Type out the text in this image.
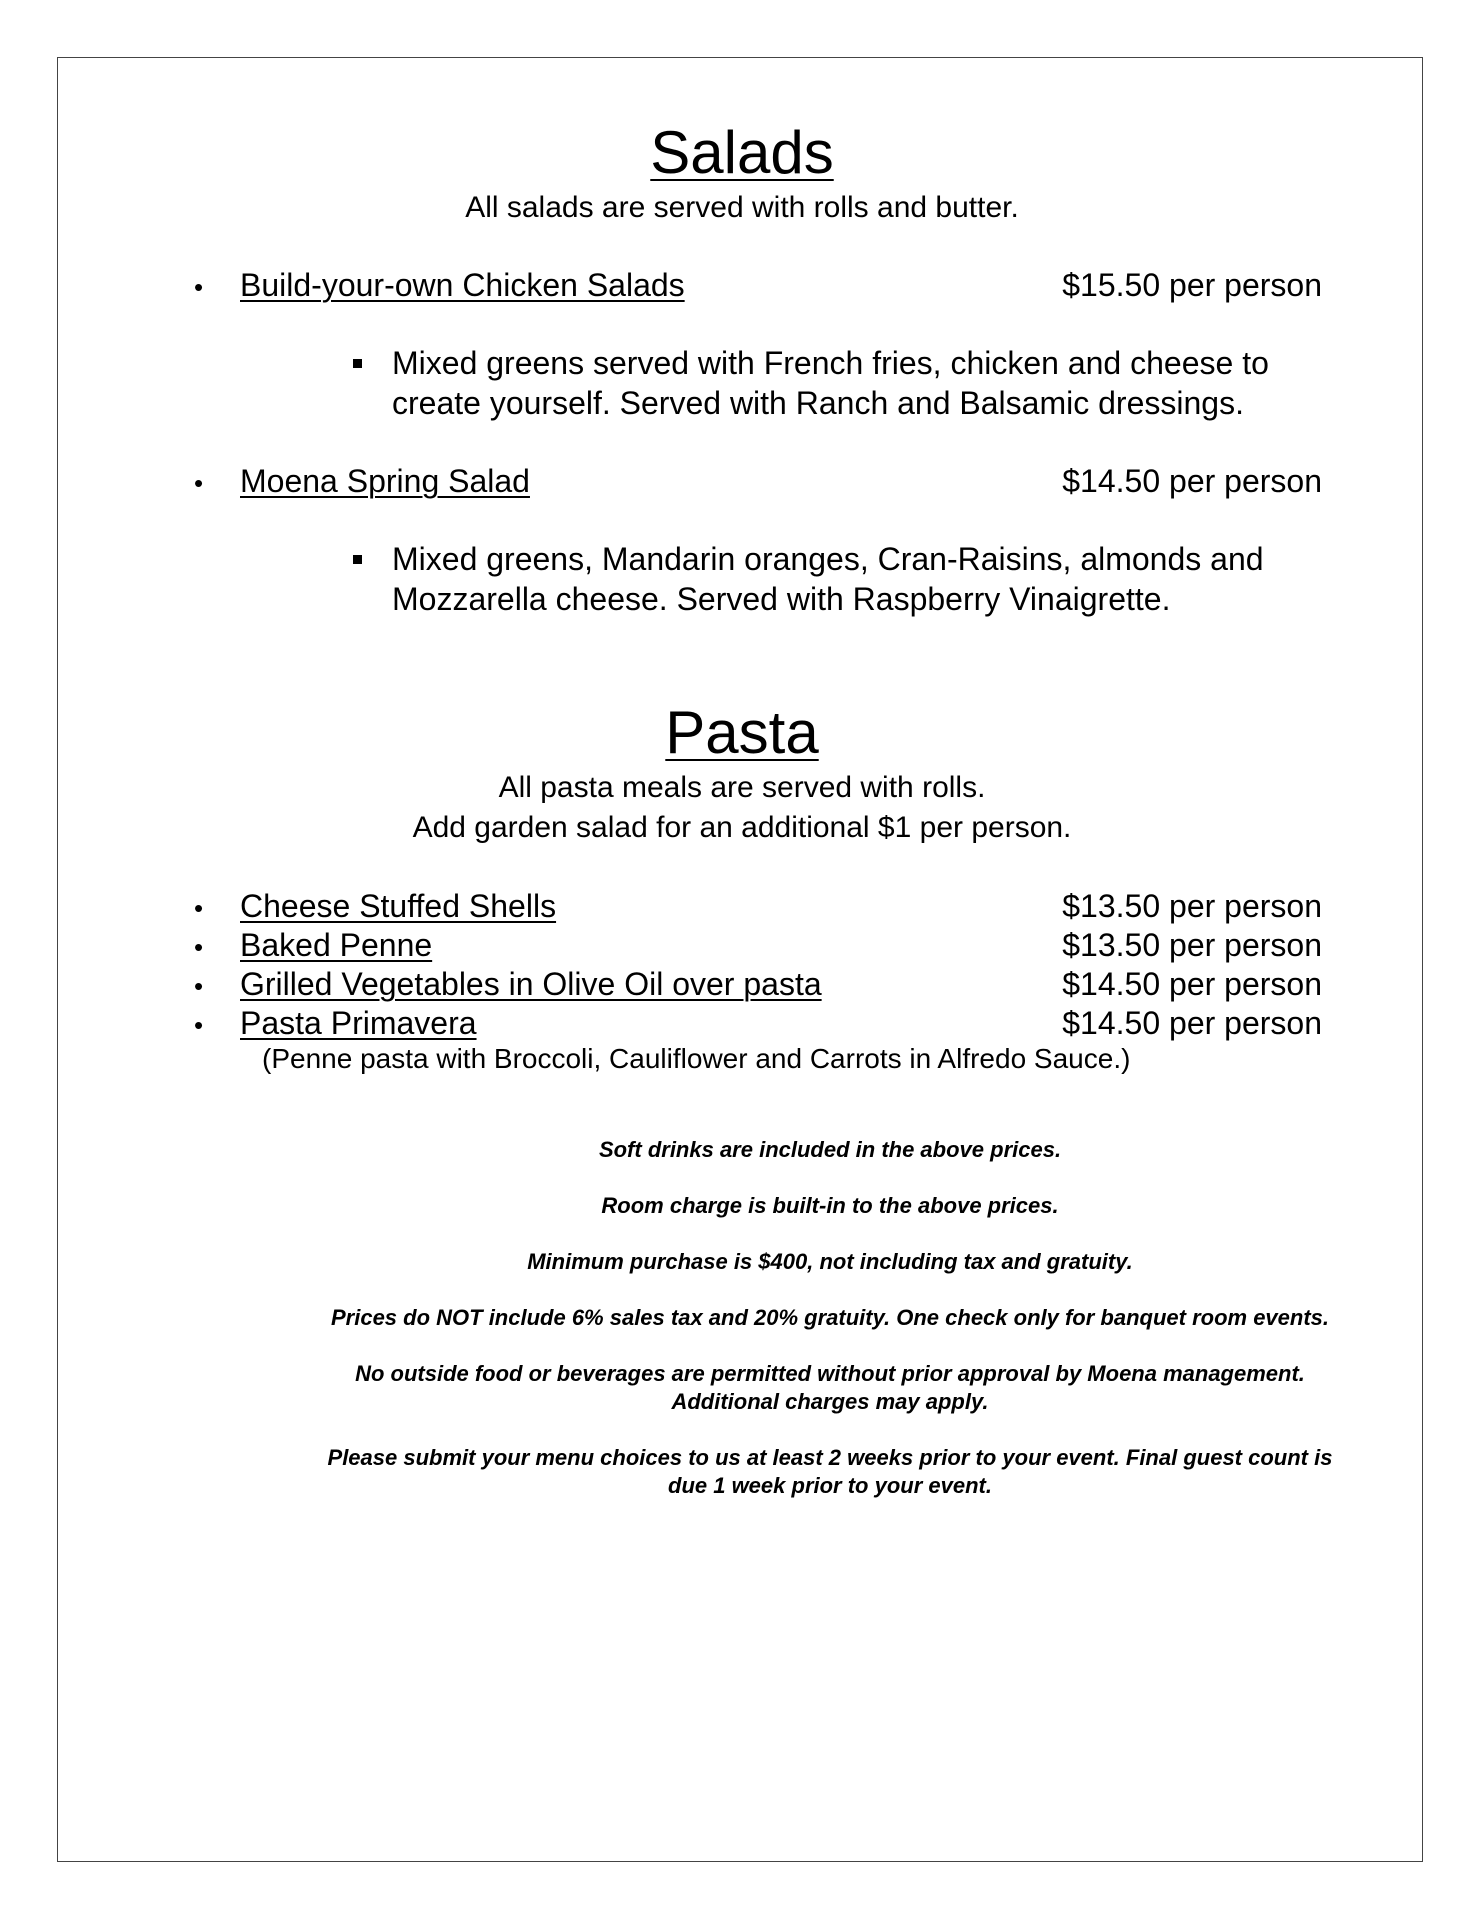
Salads
All salads are served with rolls and butter.
• Build-your-own Chicken Salads	$15.50 per person
Mixed greens served with French fries, chicken and cheese to
create yourself. Served with Ranch and Balsamic dressings.
• Moena Spring Salad	$14.50 per person
Mixed greens, Mandarin oranges, Cran-Raisins, almonds and
Mozzarella cheese. Served with Raspberry Vinaigrette.
Pasta
All pasta meals are served with rolls.
Add garden salad for an additional $1 per person.
• Cheese Stuffed Shells	$13.50 per person
• Baked Penne	$13.50 per person
• Grilled Vegetables in Olive Oil over pasta	$14.50 per person
• Pasta Primavera	$14.50 per person
(Penne pasta with Broccoli, Cauliflower and Carrots in Alfredo Sauce.)

Soft drinks are included in the above prices.

Room charge is built-in to the above prices.

Minimum purchase is $400, not including tax and gratuity.

Prices do NOT include 6% sales tax and 20% gratuity. One check only for banquet room events.

No outside food or beverages are permitted without prior approval by Moena management.
Additional charges may apply.

Please submit your menu choices to us at least 2 weeks prior to your event. Final guest count is
due 1 week prior to your event.
